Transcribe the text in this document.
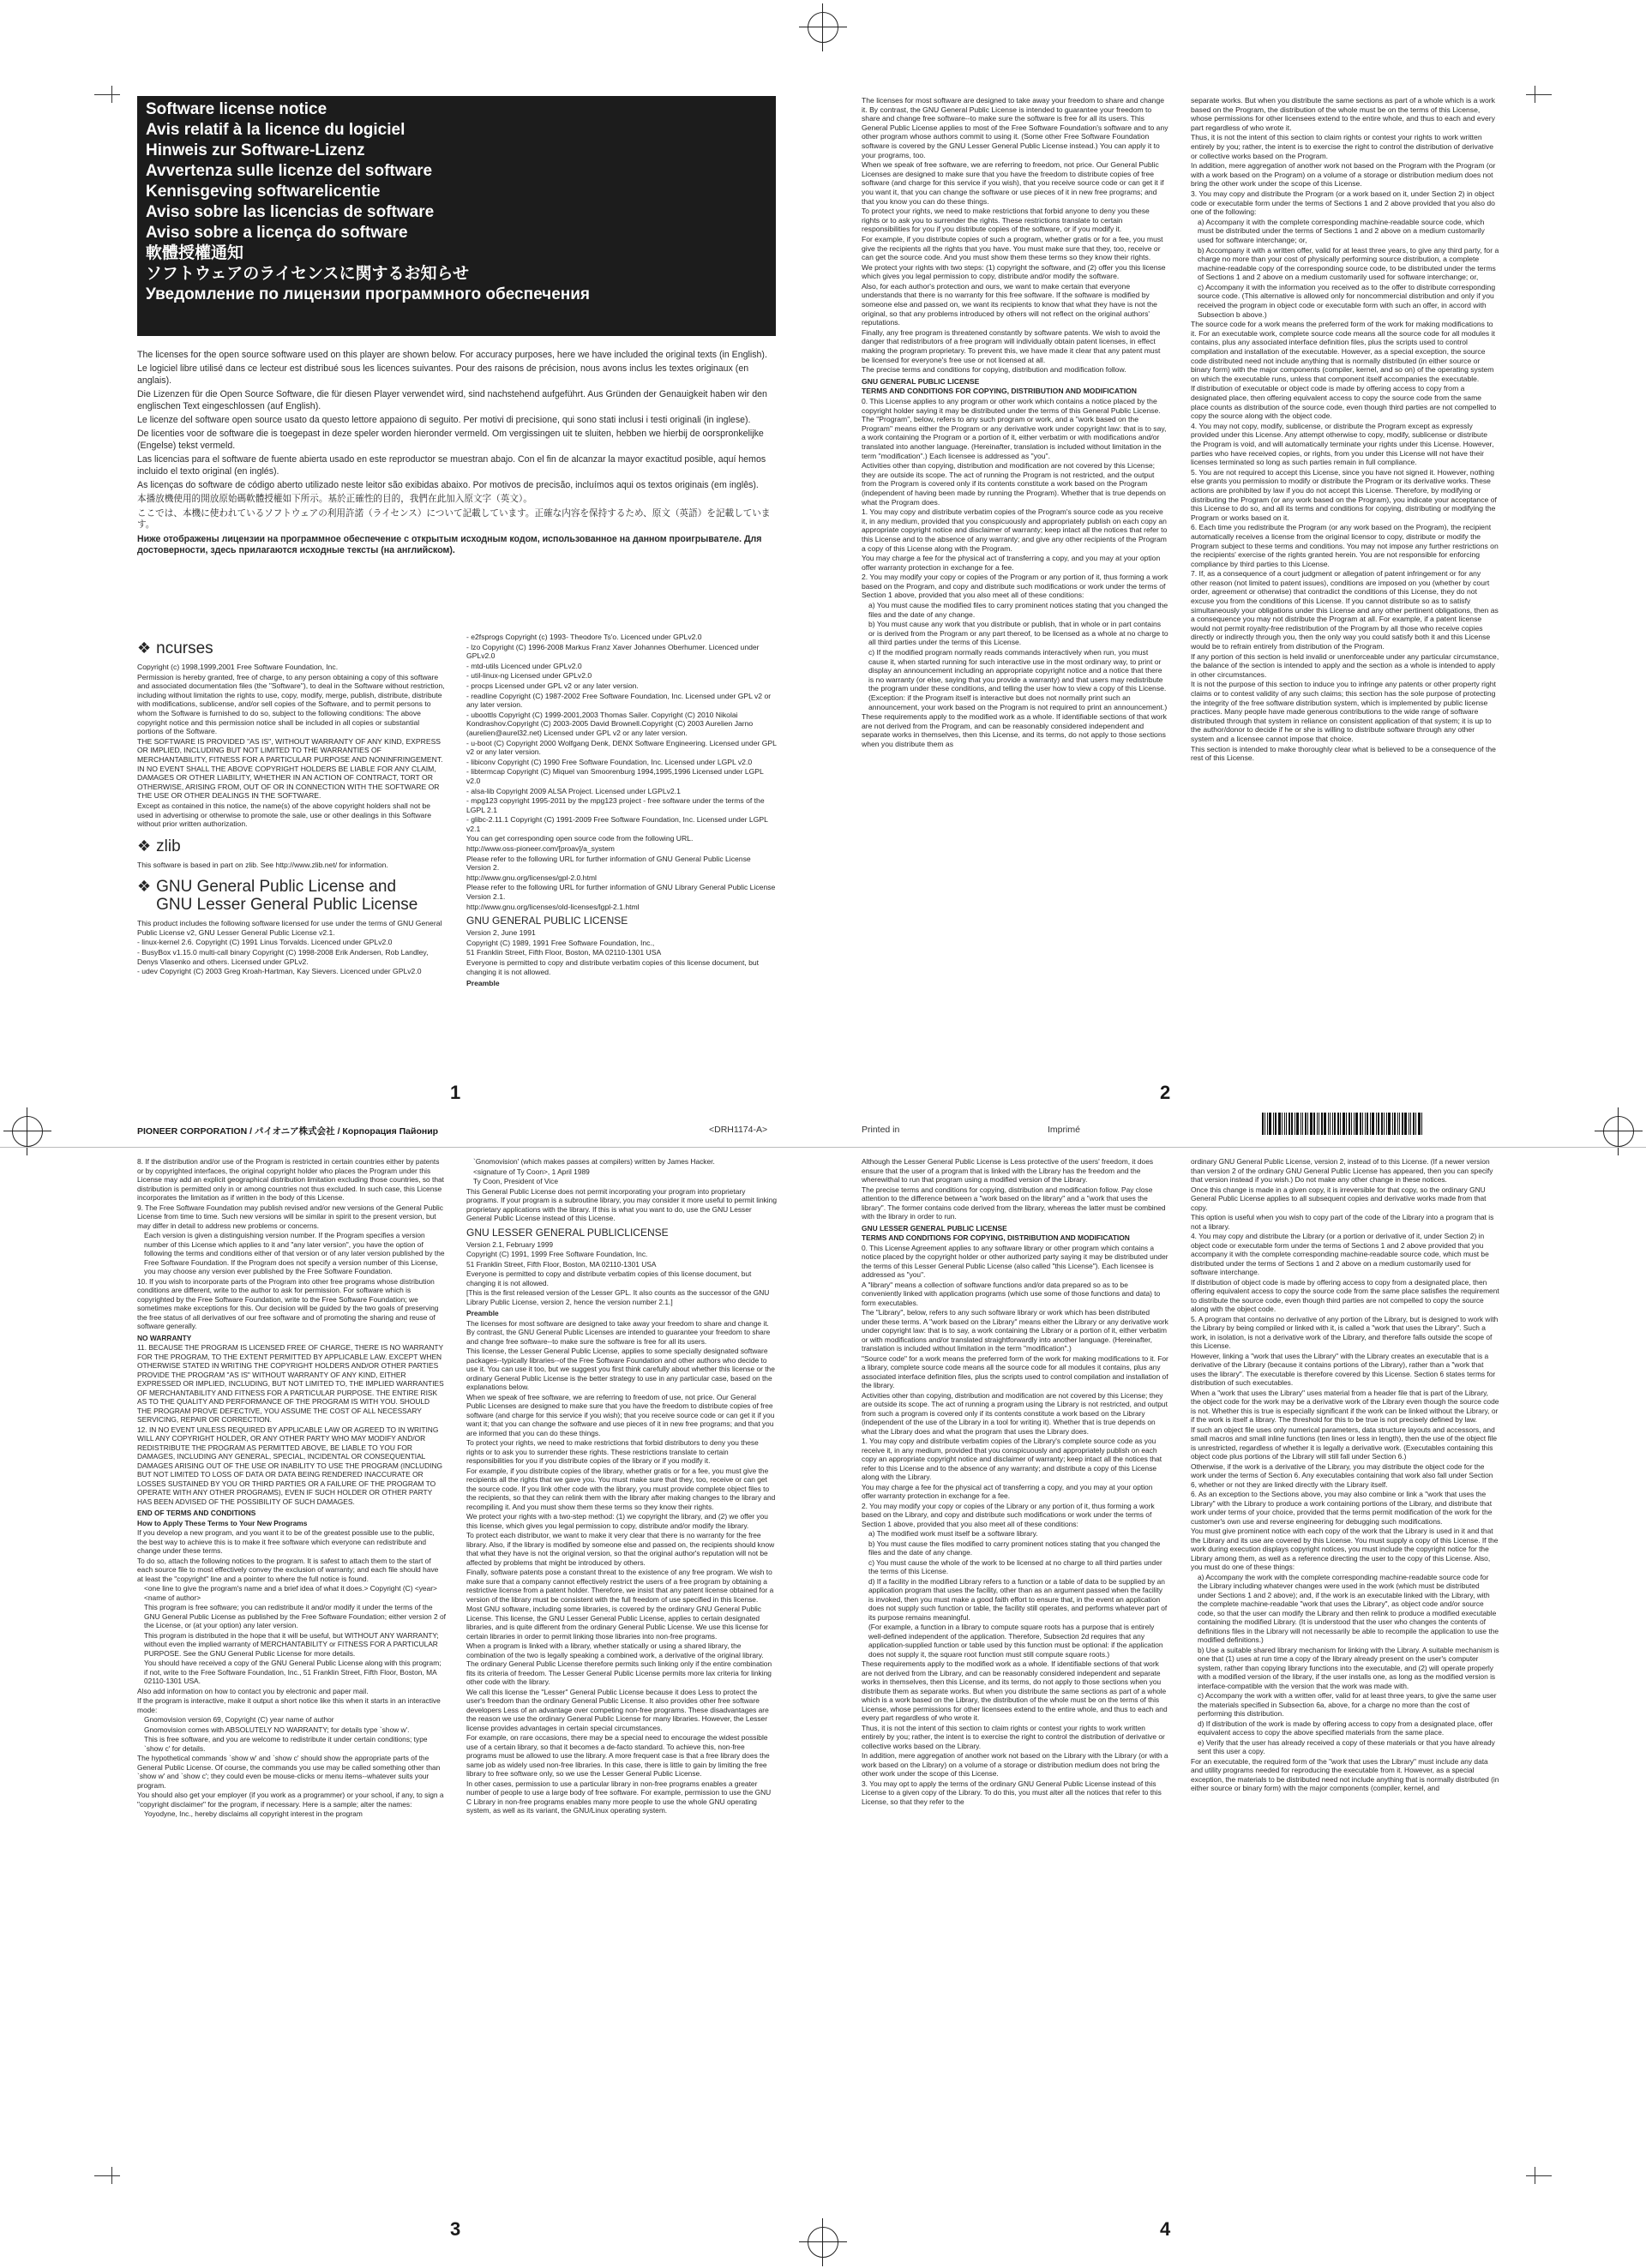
Software license notice
Avis relatif à la licence du logiciel
Hinweis zur Software-Lizenz
Avvertenza sulle licenze del software
Kennisgeving softwarelicentie
Aviso sobre las licencias de software
Aviso sobre a licença do software
軟體授權通知
ソフトウェアのライセンスに関するお知らせ
Уведомление по лицензии программного обеспечения

The licenses for the open source software used on this player are shown below. For accuracy purposes, here we have included the original texts (in English).

Le logiciel libre utilisé dans ce lecteur est distribué sous les licences suivantes. Pour des raisons de précision, nous avons inclus les textes originaux (en anglais).

Die Lizenzen für die Open Source Software, die für diesen Player verwendet wird, sind nachstehend aufgeführt. Aus Gründen der Genauigkeit haben wir den englischen Text eingeschlossen (auf English).

Le licenze del software open source usato da questo lettore appaiono di seguito. Per motivi di precisione, qui sono stati inclusi i testi originali (in inglese).

De licenties voor de software die is toegepast in deze speler worden hieronder vermeld. Om vergissingen uit te sluiten, hebben we hierbij de oorspronkelijke (Engelse) tekst vermeld.

Las licencias para el software de fuente abierta usado en este reproductor se muestran abajo. Con el fin de alcanzar la mayor exactitud posible, aquí hemos incluido el texto original (en inglés).

As licenças do software de código aberto utilizado neste leitor são exibidas abaixo. Por motivos de precisão, incluímos aqui os textos originais (em inglês).

本播放機使用的開放原始碼軟體授權如下所示。基於正確性的目的，我們在此加入原文字（英文）。

ここでは、本機に使われているソフトウェアの利用許諾（ライセンス）について記載しています。正確な内容を保持するため、原文（英語）を記載しています。

Ниже отображены лицензии на программное обеспечение с открытым исходным кодом, использованное на данном проигрывателе. Для достоверности, здесь прилагаются исходные тексты (на английском).

❖ ncurses

Copyright (c) 1998,1999,2001 Free Software Foundation, Inc.

Permission is hereby granted, free of charge, to any person obtaining a copy of this software and associated documentation files (the "Software"), to deal in the Software without restriction, including without limitation the rights to use, copy, modify, merge, publish, distribute, distribute with modifications, sublicense, and/or sell copies of the Software, and to permit persons to whom the Software is furnished to do so, subject to the following conditions: The above copyright notice and this permission notice shall be included in all copies or substantial portions of the Software.

THE SOFTWARE IS PROVIDED "AS IS", WITHOUT WARRANTY OF ANY KIND, EXPRESS OR IMPLIED, INCLUDING BUT NOT LIMITED TO THE WARRANTIES OF MERCHANTABILITY, FITNESS FOR A PARTICULAR PURPOSE AND NONINFRINGEMENT. IN NO EVENT SHALL THE ABOVE COPYRIGHT HOLDERS BE LIABLE FOR ANY CLAIM, DAMAGES OR OTHER LIABILITY, WHETHER IN AN ACTION OF CONTRACT, TORT OR OTHERWISE, ARISING FROM, OUT OF OR IN CONNECTION WITH THE SOFTWARE OR THE USE OR OTHER DEALINGS IN THE SOFTWARE.

Except as contained in this notice, the name(s) of the above copyright holders shall not be used in advertising or otherwise to promote the sale, use or other dealings in this Software without prior written authorization.

❖ zlib

This software is based in part on zlib. See http://www.zlib.net/ for information.

❖ GNU General Public License and
GNU Lesser General Public License

This product includes the following software licensed for use under the terms of GNU General Public License v2, GNU Lesser General Public License v2.1.

- linux-kernel 2.6. Copyright (C) 1991 Linus Torvalds. Licenced under GPLv2.0

- BusyBox v1.15.0 multi-call binary Copyright (C) 1998-2008 Erik Andersen, Rob Landley, Denys Vlasenko and others. Licensed under GPLv2.

- udev Copyright (C) 2003 Greg Kroah-Hartman, Kay Sievers. Licenced under GPLv2.0

- e2fsprogs Copyright (c) 1993- Theodore Ts'o. Licenced under GPLv2.0

- lzo Copyright (C) 1996-2008 Markus Franz Xaver Johannes Oberhumer. Licenced under GPLv2.0

- mtd-utils Licenced under GPLv2.0

- util-linux-ng Licensed under GPLv2.0

- procps Licensed under GPL v2 or any later version.

- readline Copyright (C) 1987-2002 Free Software Foundation, Inc. Licensed under GPL v2 or any later version.

- uboottls Copyright (C) 1999-2001,2003 Thomas Sailer. Copyright (C) 2010 Nikolai Kondrashov.Copyright (C) 2003-2005 David Brownell.Copyright (C) 2003 Aurelien Jarno (aurelien@aurel32.net) Licensed under GPL v2 or any later version.

- u-boot (C) Copyright 2000 Wolfgang Denk, DENX Software Engineering. Licensed under GPL v2 or any later version.

- libiconv Copyright (C) 1990 Free Software Foundation, Inc. Licensed under LGPL v2.0

- libtermcap Copyright (C) Miquel van Smoorenburg 1994,1995,1996 Licensed under LGPL v2.0

- alsa-lib Copyright 2009 ALSA Project. Licensed under LGPLv2.1

- mpg123 copyright 1995-2011 by the mpg123 project - free software under the terms of the LGPL 2.1

- glibc-2.11.1 Copyright (C) 1991-2009 Free Software Foundation, Inc. Licensed under LGPL v2.1

You can get corresponding open source code from the following URL.

http://www.oss-pioneer.com/[proav]/a_system

Please refer to the following URL for further information of GNU General Public License Version 2.

http://www.gnu.org/licenses/gpl-2.0.html

Please refer to the following URL for further information of GNU Library General Public License Version 2.1.

http://www.gnu.org/licenses/old-licenses/lgpl-2.1.html

GNU GENERAL PUBLIC LICENSE

Version 2, June 1991

Copyright (C) 1989, 1991 Free Software Foundation, Inc.,

51 Franklin Street, Fifth Floor, Boston, MA 02110-1301 USA

Everyone is permitted to copy and distribute verbatim copies of this license document, but changing it is not allowed.

Preamble

The licenses for most software are designed to take away your freedom to share and change it. By contrast, the GNU General Public License is intended to guarantee your freedom to share and change free software--to make sure the software is free for all its users. This General Public License applies to most of the Free Software Foundation's software and to any other program whose authors commit to using it. (Some other Free Software Foundation software is covered by the GNU Lesser General Public License instead.) You can apply it to your programs, too.

When we speak of free software, we are referring to freedom, not price. Our General Public Licenses are designed to make sure that you have the freedom to distribute copies of free software (and charge for this service if you wish), that you receive source code or can get it if you want it, that you can change the software or use pieces of it in new free programs; and that you know you can do these things.

To protect your rights, we need to make restrictions that forbid anyone to deny you these rights or to ask you to surrender the rights. These restrictions translate to certain responsibilities for you if you distribute copies of the software, or if you modify it.

For example, if you distribute copies of such a program, whether gratis or for a fee, you must give the recipients all the rights that you have. You must make sure that they, too, receive or can get the source code. And you must show them these terms so they know their rights.

We protect your rights with two steps: (1) copyright the software, and (2) offer you this license which gives you legal permission to copy, distribute and/or modify the software.

Also, for each author's protection and ours, we want to make certain that everyone understands that there is no warranty for this free software. If the software is modified by someone else and passed on, we want its recipients to know that what they have is not the original, so that any problems introduced by others will not reflect on the original authors' reputations.

Finally, any free program is threatened constantly by software patents. We wish to avoid the danger that redistributors of a free program will individually obtain patent licenses, in effect making the program proprietary. To prevent this, we have made it clear that any patent must be licensed for everyone's free use or not licensed at all.

The precise terms and conditions for copying, distribution and modification follow.

GNU GENERAL PUBLIC LICENSE

TERMS AND CONDITIONS FOR COPYING, DISTRIBUTION AND MODIFICATION

0. This License applies to any program or other work which contains a notice placed by the copyright holder saying it may be distributed under the terms of this General Public License. The "Program", below, refers to any such program or work, and a "work based on the Program" means either the Program or any derivative work under copyright law: that is to say, a work containing the Program or a portion of it, either verbatim or with modifications and/or translated into another language. (Hereinafter, translation is included without limitation in the term "modification".) Each licensee is addressed as "you".

Activities other than copying, distribution and modification are not covered by this License; they are outside its scope. The act of running the Program is not restricted, and the output from the Program is covered only if its contents constitute a work based on the Program (independent of having been made by running the Program). Whether that is true depends on what the Program does.

1. You may copy and distribute verbatim copies of the Program's source code as you receive it, in any medium, provided that you conspicuously and appropriately publish on each copy an appropriate copyright notice and disclaimer of warranty; keep intact all the notices that refer to this License and to the absence of any warranty; and give any other recipients of the Program a copy of this License along with the Program.

You may charge a fee for the physical act of transferring a copy, and you may at your option offer warranty protection in exchange for a fee.

2. You may modify your copy or copies of the Program or any portion of it, thus forming a work based on the Program, and copy and distribute such modifications or work under the terms of Section 1 above, provided that you also meet all of these conditions:

a) You must cause the modified files to carry prominent notices stating that you changed the files and the date of any change.

b) You must cause any work that you distribute or publish, that in whole or in part contains or is derived from the Program or any part thereof, to be licensed as a whole at no charge to all third parties under the terms of this License.

c) If the modified program normally reads commands interactively when run, you must cause it, when started running for such interactive use in the most ordinary way, to print or display an announcement including an appropriate copyright notice and a notice that there is no warranty (or else, saying that you provide a warranty) and that users may redistribute the program under these conditions, and telling the user how to view a copy of this License. (Exception: if the Program itself is interactive but does not normally print such an announcement, your work based on the Program is not required to print an announcement.)

These requirements apply to the modified work as a whole. If identifiable sections of that work are not derived from the Program, and can be reasonably considered independent and separate works in themselves, then this License, and its terms, do not apply to those sections when you distribute them as

separate works. But when you distribute the same sections as part of a whole which is a work based on the Program, the distribution of the whole must be on the terms of this License, whose permissions for other licensees extend to the entire whole, and thus to each and every part regardless of who wrote it.

Thus, it is not the intent of this section to claim rights or contest your rights to work written entirely by you; rather, the intent is to exercise the right to control the distribution of derivative or collective works based on the Program.

In addition, mere aggregation of another work not based on the Program with the Program (or with a work based on the Program) on a volume of a storage or distribution medium does not bring the other work under the scope of this License.

3. You may copy and distribute the Program (or a work based on it, under Section 2) in object code or executable form under the terms of Sections 1 and 2 above provided that you also do one of the following:

a) Accompany it with the complete corresponding machine-readable source code, which must be distributed under the terms of Sections 1 and 2 above on a medium customarily used for software interchange; or,

b) Accompany it with a written offer, valid for at least three years, to give any third party, for a charge no more than your cost of physically performing source distribution, a complete machine-readable copy of the corresponding source code, to be distributed under the terms of Sections 1 and 2 above on a medium customarily used for software interchange; or,

c) Accompany it with the information you received as to the offer to distribute corresponding source code. (This alternative is allowed only for noncommercial distribution and only if you received the program in object code or executable form with such an offer, in accord with Subsection b above.)

The source code for a work means the preferred form of the work for making modifications to it. For an executable work, complete source code means all the source code for all modules it contains, plus any associated interface definition files, plus the scripts used to control compilation and installation of the executable. However, as a special exception, the source code distributed need not include anything that is normally distributed (in either source or binary form) with the major components (compiler, kernel, and so on) of the operating system on which the executable runs, unless that component itself accompanies the executable.

If distribution of executable or object code is made by offering access to copy from a designated place, then offering equivalent access to copy the source code from the same place counts as distribution of the source code, even though third parties are not compelled to copy the source along with the object code.

4. You may not copy, modify, sublicense, or distribute the Program except as expressly provided under this License. Any attempt otherwise to copy, modify, sublicense or distribute the Program is void, and will automatically terminate your rights under this License. However, parties who have received copies, or rights, from you under this License will not have their licenses terminated so long as such parties remain in full compliance.

5. You are not required to accept this License, since you have not signed it. However, nothing else grants you permission to modify or distribute the Program or its derivative works. These actions are prohibited by law if you do not accept this License. Therefore, by modifying or distributing the Program (or any work based on the Program), you indicate your acceptance of this License to do so, and all its terms and conditions for copying, distributing or modifying the Program or works based on it.

6. Each time you redistribute the Program (or any work based on the Program), the recipient automatically receives a license from the original licensor to copy, distribute or modify the Program subject to these terms and conditions. You may not impose any further restrictions on the recipients' exercise of the rights granted herein. You are not responsible for enforcing compliance by third parties to this License.

7. If, as a consequence of a court judgment or allegation of patent infringement or for any other reason (not limited to patent issues), conditions are imposed on you (whether by court order, agreement or otherwise) that contradict the conditions of this License, they do not excuse you from the conditions of this License. If you cannot distribute so as to satisfy simultaneously your obligations under this License and any other pertinent obligations, then as a consequence you may not distribute the Program at all. For example, if a patent license would not permit royalty-free redistribution of the Program by all those who receive copies directly or indirectly through you, then the only way you could satisfy both it and this License would be to refrain entirely from distribution of the Program.

If any portion of this section is held invalid or unenforceable under any particular circumstance, the balance of the section is intended to apply and the section as a whole is intended to apply in other circumstances.

It is not the purpose of this section to induce you to infringe any patents or other property right claims or to contest validity of any such claims; this section has the sole purpose of protecting the integrity of the free software distribution system, which is implemented by public license practices. Many people have made generous contributions to the wide range of software distributed through that system in reliance on consistent application of that system; it is up to the author/donor to decide if he or she is willing to distribute software through any other system and a licensee cannot impose that choice.

This section is intended to make thoroughly clear what is believed to be a consequence of the rest of this License.

1	2
PIONEER CORPORATION / パイオニア株式会社 / Корпорация Пайонир	<DRH1174-A>	Printed in	Imprimé

8. If the distribution and/or use of the Program is restricted in certain countries either by patents or by copyrighted interfaces, the original copyright holder who places the Program under this License may add an explicit geographical distribution limitation excluding those countries, so that distribution is permitted only in or among countries not thus excluded. In such case, this License incorporates the limitation as if written in the body of this License.

9. The Free Software Foundation may publish revised and/or new versions of the General Public License from time to time. Such new versions will be similar in spirit to the present version, but may differ in detail to address new problems or concerns.

Each version is given a distinguishing version number. If the Program specifies a version number of this License which applies to it and "any later version", you have the option of following the terms and conditions either of that version or of any later version published by the Free Software Foundation. If the Program does not specify a version number of this License, you may choose any version ever published by the Free Software Foundation.

10. If you wish to incorporate parts of the Program into other free programs whose distribution conditions are different, write to the author to ask for permission. For software which is copyrighted by the Free Software Foundation, write to the Free Software Foundation; we sometimes make exceptions for this. Our decision will be guided by the two goals of preserving the free status of all derivatives of our free software and of promoting the sharing and reuse of software generally.

NO WARRANTY

11. BECAUSE THE PROGRAM IS LICENSED FREE OF CHARGE, THERE IS NO WARRANTY FOR THE PROGRAM, TO THE EXTENT PERMITTED BY APPLICABLE LAW. EXCEPT WHEN OTHERWISE STATED IN WRITING THE COPYRIGHT HOLDERS AND/OR OTHER PARTIES PROVIDE THE PROGRAM "AS IS" WITHOUT WARRANTY OF ANY KIND, EITHER EXPRESSED OR IMPLIED, INCLUDING, BUT NOT LIMITED TO, THE IMPLIED WARRANTIES OF MERCHANTABILITY AND FITNESS FOR A PARTICULAR PURPOSE. THE ENTIRE RISK AS TO THE QUALITY AND PERFORMANCE OF THE PROGRAM IS WITH YOU. SHOULD THE PROGRAM PROVE DEFECTIVE, YOU ASSUME THE COST OF ALL NECESSARY SERVICING, REPAIR OR CORRECTION.

12. IN NO EVENT UNLESS REQUIRED BY APPLICABLE LAW OR AGREED TO IN WRITING WILL ANY COPYRIGHT HOLDER, OR ANY OTHER PARTY WHO MAY MODIFY AND/OR REDISTRIBUTE THE PROGRAM AS PERMITTED ABOVE, BE LIABLE TO YOU FOR DAMAGES, INCLUDING ANY GENERAL, SPECIAL, INCIDENTAL OR CONSEQUENTIAL DAMAGES ARISING OUT OF THE USE OR INABILITY TO USE THE PROGRAM (INCLUDING BUT NOT LIMITED TO LOSS OF DATA OR DATA BEING RENDERED INACCURATE OR LOSSES SUSTAINED BY YOU OR THIRD PARTIES OR A FAILURE OF THE PROGRAM TO OPERATE WITH ANY OTHER PROGRAMS), EVEN IF SUCH HOLDER OR OTHER PARTY HAS BEEN ADVISED OF THE POSSIBILITY OF SUCH DAMAGES.

END OF TERMS AND CONDITIONS

How to Apply These Terms to Your New Programs

If you develop a new program, and you want it to be of the greatest possible use to the public, the best way to achieve this is to make it free software which everyone can redistribute and change under these terms.

To do so, attach the following notices to the program. It is safest to attach them to the start of each source file to most effectively convey the exclusion of warranty; and each file should have at least the "copyright" line and a pointer to where the full notice is found.

<one line to give the program's name and a brief idea of what it does.> Copyright (C) <year> <name of author>

This program is free software; you can redistribute it and/or modify it under the terms of the GNU General Public License as published by the Free Software Foundation; either version 2 of the License, or (at your option) any later version.

This program is distributed in the hope that it will be useful, but WITHOUT ANY WARRANTY; without even the implied warranty of MERCHANTABILITY or FITNESS FOR A PARTICULAR PURPOSE. See the GNU General Public License for more details.

You should have received a copy of the GNU General Public License along with this program; if not, write to the Free Software Foundation, Inc., 51 Franklin Street, Fifth Floor, Boston, MA 02110-1301 USA.

Also add information on how to contact you by electronic and paper mail.

If the program is interactive, make it output a short notice like this when it starts in an interactive mode:

Gnomovision version 69, Copyright (C) year name of author

Gnomovision comes with ABSOLUTELY NO WARRANTY; for details type `show w'.

This is free software, and you are welcome to redistribute it under certain conditions; type `show c' for details.

The hypothetical commands `show w' and `show c' should show the appropriate parts of the General Public License. Of course, the commands you use may be called something other than `show w' and `show c'; they could even be mouse-clicks or menu items--whatever suits your program.

You should also get your employer (if you work as a programmer) or your school, if any, to sign a "copyright disclaimer" for the program, if necessary. Here is a sample; alter the names:

Yoyodyne, Inc., hereby disclaims all copyright interest in the program

`Gnomovision' (which makes passes at compilers) written by James Hacker.

<signature of Ty Coon>, 1 April 1989

Ty Coon, President of Vice

This General Public License does not permit incorporating your program into proprietary programs. If your program is a subroutine library, you may consider it more useful to permit linking proprietary applications with the library. If this is what you want to do, use the GNU Lesser General Public License instead of this License.

GNU LESSER GENERAL PUBLICLICENSE

Version 2.1, February 1999

Copyright (C) 1991, 1999 Free Software Foundation, Inc.

51 Franklin Street, Fifth Floor, Boston, MA 02110-1301 USA

Everyone is permitted to copy and distribute verbatim copies of this license document, but changing it is not allowed.

[This is the first released version of the Lesser GPL. It also counts as the successor of the GNU Library Public License, version 2, hence the version number 2.1.]

Preamble

The licenses for most software are designed to take away your freedom to share and change it. By contrast, the GNU General Public Licenses are intended to guarantee your freedom to share and change free software--to make sure the software is free for all its users.

This license, the Lesser General Public License, applies to some specially designated software packages--typically libraries--of the Free Software Foundation and other authors who decide to use it. You can use it too, but we suggest you first think carefully about whether this license or the ordinary General Public License is the better strategy to use in any particular case, based on the explanations below.

When we speak of free software, we are referring to freedom of use, not price. Our General Public Licenses are designed to make sure that you have the freedom to distribute copies of free software (and charge for this service if you wish); that you receive source code or can get it if you want it; that you can change the software and use pieces of it in new free programs; and that you are informed that you can do these things.

To protect your rights, we need to make restrictions that forbid distributors to deny you these rights or to ask you to surrender these rights. These restrictions translate to certain responsibilities for you if you distribute copies of the library or if you modify it.

For example, if you distribute copies of the library, whether gratis or for a fee, you must give the recipients all the rights that we gave you. You must make sure that they, too, receive or can get the source code. If you link other code with the library, you must provide complete object files to the recipients, so that they can relink them with the library after making changes to the library and recompiling it. And you must show them these terms so they know their rights.

We protect your rights with a two-step method: (1) we copyright the library, and (2) we offer you this license, which gives you legal permission to copy, distribute and/or modify the library.

To protect each distributor, we want to make it very clear that there is no warranty for the free library. Also, if the library is modified by someone else and passed on, the recipients should know that what they have is not the original version, so that the original author's reputation will not be affected by problems that might be introduced by others.

Finally, software patents pose a constant threat to the existence of any free program. We wish to make sure that a company cannot effectively restrict the users of a free program by obtaining a restrictive license from a patent holder. Therefore, we insist that any patent license obtained for a version of the library must be consistent with the full freedom of use specified in this license.

Most GNU software, including some libraries, is covered by the ordinary GNU General Public License. This license, the GNU Lesser General Public License, applies to certain designated libraries, and is quite different from the ordinary General Public License. We use this license for certain libraries in order to permit linking those libraries into non-free programs.

When a program is linked with a library, whether statically or using a shared library, the combination of the two is legally speaking a combined work, a derivative of the original library. The ordinary General Public License therefore permits such linking only if the entire combination fits its criteria of freedom. The Lesser General Public License permits more lax criteria for linking other code with the library.

We call this license the "Lesser" General Public License because it does Less to protect the user's freedom than the ordinary General Public License. It also provides other free software developers Less of an advantage over competing non-free programs. These disadvantages are the reason we use the ordinary General Public License for many libraries. However, the Lesser license provides advantages in certain special circumstances.

For example, on rare occasions, there may be a special need to encourage the widest possible use of a certain library, so that it becomes a de-facto standard. To achieve this, non-free programs must be allowed to use the library. A more frequent case is that a free library does the same job as widely used non-free libraries. In this case, there is little to gain by limiting the free library to free software only, so we use the Lesser General Public License.

In other cases, permission to use a particular library in non-free programs enables a greater number of people to use a large body of free software. For example, permission to use the GNU C Library in non-free programs enables many more people to use the whole GNU operating system, as well as its variant, the GNU/Linux operating system.

Although the Lesser General Public License is Less protective of the users' freedom, it does ensure that the user of a program that is linked with the Library has the freedom and the wherewithal to run that program using a modified version of the Library.

The precise terms and conditions for copying, distribution and modification follow. Pay close attention to the difference between a "work based on the library" and a "work that uses the library". The former contains code derived from the library, whereas the latter must be combined with the library in order to run.

GNU LESSER GENERAL PUBLIC LICENSE

TERMS AND CONDITIONS FOR COPYING, DISTRIBUTION AND MODIFICATION

0. This License Agreement applies to any software library or other program which contains a notice placed by the copyright holder or other authorized party saying it may be distributed under the terms of this Lesser General Public License (also called "this License"). Each licensee is addressed as "you".

A "library" means a collection of software functions and/or data prepared so as to be conveniently linked with application programs (which use some of those functions and data) to form executables.

The "Library", below, refers to any such software library or work which has been distributed under these terms. A "work based on the Library" means either the Library or any derivative work under copyright law: that is to say, a work containing the Library or a portion of it, either verbatim or with modifications and/or translated straightforwardly into another language. (Hereinafter, translation is included without limitation in the term "modification".)

"Source code" for a work means the preferred form of the work for making modifications to it. For a library, complete source code means all the source code for all modules it contains, plus any associated interface definition files, plus the scripts used to control compilation and installation of the library.

Activities other than copying, distribution and modification are not covered by this License; they are outside its scope. The act of running a program using the Library is not restricted, and output from such a program is covered only if its contents constitute a work based on the Library (independent of the use of the Library in a tool for writing it). Whether that is true depends on what the Library does and what the program that uses the Library does.

1. You may copy and distribute verbatim copies of the Library's complete source code as you receive it, in any medium, provided that you conspicuously and appropriately publish on each copy an appropriate copyright notice and disclaimer of warranty; keep intact all the notices that refer to this License and to the absence of any warranty; and distribute a copy of this License along with the Library.

You may charge a fee for the physical act of transferring a copy, and you may at your option offer warranty protection in exchange for a fee.

2. You may modify your copy or copies of the Library or any portion of it, thus forming a work based on the Library, and copy and distribute such modifications or work under the terms of Section 1 above, provided that you also meet all of these conditions:

a) The modified work must itself be a software library.

b) You must cause the files modified to carry prominent notices stating that you changed the files and the date of any change.

c) You must cause the whole of the work to be licensed at no charge to all third parties under the terms of this License.

d) If a facility in the modified Library refers to a function or a table of data to be supplied by an application program that uses the facility, other than as an argument passed when the facility is invoked, then you must make a good faith effort to ensure that, in the event an application does not supply such function or table, the facility still operates, and performs whatever part of its purpose remains meaningful.

(For example, a function in a library to compute square roots has a purpose that is entirely well-defined independent of the application. Therefore, Subsection 2d requires that any application-supplied function or table used by this function must be optional: if the application does not supply it, the square root function must still compute square roots.)

These requirements apply to the modified work as a whole. If identifiable sections of that work are not derived from the Library, and can be reasonably considered independent and separate works in themselves, then this License, and its terms, do not apply to those sections when you distribute them as separate works. But when you distribute the same sections as part of a whole which is a work based on the Library, the distribution of the whole must be on the terms of this License, whose permissions for other licensees extend to the entire whole, and thus to each and every part regardless of who wrote it.

Thus, it is not the intent of this section to claim rights or contest your rights to work written entirely by you; rather, the intent is to exercise the right to control the distribution of derivative or collective works based on the Library.

In addition, mere aggregation of another work not based on the Library with the Library (or with a work based on the Library) on a volume of a storage or distribution medium does not bring the other work under the scope of this License.

3. You may opt to apply the terms of the ordinary GNU General Public License instead of this License to a given copy of the Library. To do this, you must alter all the notices that refer to this License, so that they refer to the

ordinary GNU General Public License, version 2, instead of to this License. (If a newer version than version 2 of the ordinary GNU General Public License has appeared, then you can specify that version instead if you wish.) Do not make any other change in these notices.

Once this change is made in a given copy, it is irreversible for that copy, so the ordinary GNU General Public License applies to all subsequent copies and derivative works made from that copy.

This option is useful when you wish to copy part of the code of the Library into a program that is not a library.

4. You may copy and distribute the Library (or a portion or derivative of it, under Section 2) in object code or executable form under the terms of Sections 1 and 2 above provided that you accompany it with the complete corresponding machine-readable source code, which must be distributed under the terms of Sections 1 and 2 above on a medium customarily used for software interchange.

If distribution of object code is made by offering access to copy from a designated place, then offering equivalent access to copy the source code from the same place satisfies the requirement to distribute the source code, even though third parties are not compelled to copy the source along with the object code.

5. A program that contains no derivative of any portion of the Library, but is designed to work with the Library by being compiled or linked with it, is called a "work that uses the Library". Such a work, in isolation, is not a derivative work of the Library, and therefore falls outside the scope of this License.

However, linking a "work that uses the Library" with the Library creates an executable that is a derivative of the Library (because it contains portions of the Library), rather than a "work that uses the library". The executable is therefore covered by this License. Section 6 states terms for distribution of such executables.

When a "work that uses the Library" uses material from a header file that is part of the Library, the object code for the work may be a derivative work of the Library even though the source code is not. Whether this is true is especially significant if the work can be linked without the Library, or if the work is itself a library. The threshold for this to be true is not precisely defined by law.

If such an object file uses only numerical parameters, data structure layouts and accessors, and small macros and small inline functions (ten lines or less in length), then the use of the object file is unrestricted, regardless of whether it is legally a derivative work. (Executables containing this object code plus portions of the Library will still fall under Section 6.)

Otherwise, if the work is a derivative of the Library, you may distribute the object code for the work under the terms of Section 6. Any executables containing that work also fall under Section 6, whether or not they are linked directly with the Library itself.

6. As an exception to the Sections above, you may also combine or link a "work that uses the Library" with the Library to produce a work containing portions of the Library, and distribute that work under terms of your choice, provided that the terms permit modification of the work for the customer's own use and reverse engineering for debugging such modifications.

You must give prominent notice with each copy of the work that the Library is used in it and that the Library and its use are covered by this License. You must supply a copy of this License. If the work during execution displays copyright notices, you must include the copyright notice for the Library among them, as well as a reference directing the user to the copy of this License. Also, you must do one of these things:

a) Accompany the work with the complete corresponding machine-readable source code for the Library including whatever changes were used in the work (which must be distributed under Sections 1 and 2 above); and, if the work is an executable linked with the Library, with the complete machine-readable "work that uses the Library", as object code and/or source code, so that the user can modify the Library and then relink to produce a modified executable containing the modified Library. (It is understood that the user who changes the contents of definitions files in the Library will not necessarily be able to recompile the application to use the modified definitions.)

b) Use a suitable shared library mechanism for linking with the Library. A suitable mechanism is one that (1) uses at run time a copy of the library already present on the user's computer system, rather than copying library functions into the executable, and (2) will operate properly with a modified version of the library, if the user installs one, as long as the modified version is interface-compatible with the version that the work was made with.

c) Accompany the work with a written offer, valid for at least three years, to give the same user the materials specified in Subsection 6a, above, for a charge no more than the cost of performing this distribution.

d) If distribution of the work is made by offering access to copy from a designated place, offer equivalent access to copy the above specified materials from the same place.

e) Verify that the user has already received a copy of these materials or that you have already sent this user a copy.

For an executable, the required form of the "work that uses the Library" must include any data and utility programs needed for reproducing the executable from it. However, as a special exception, the materials to be distributed need not include anything that is normally distributed (in either source or binary form) with the major components (compiler, kernel, and

3	4
